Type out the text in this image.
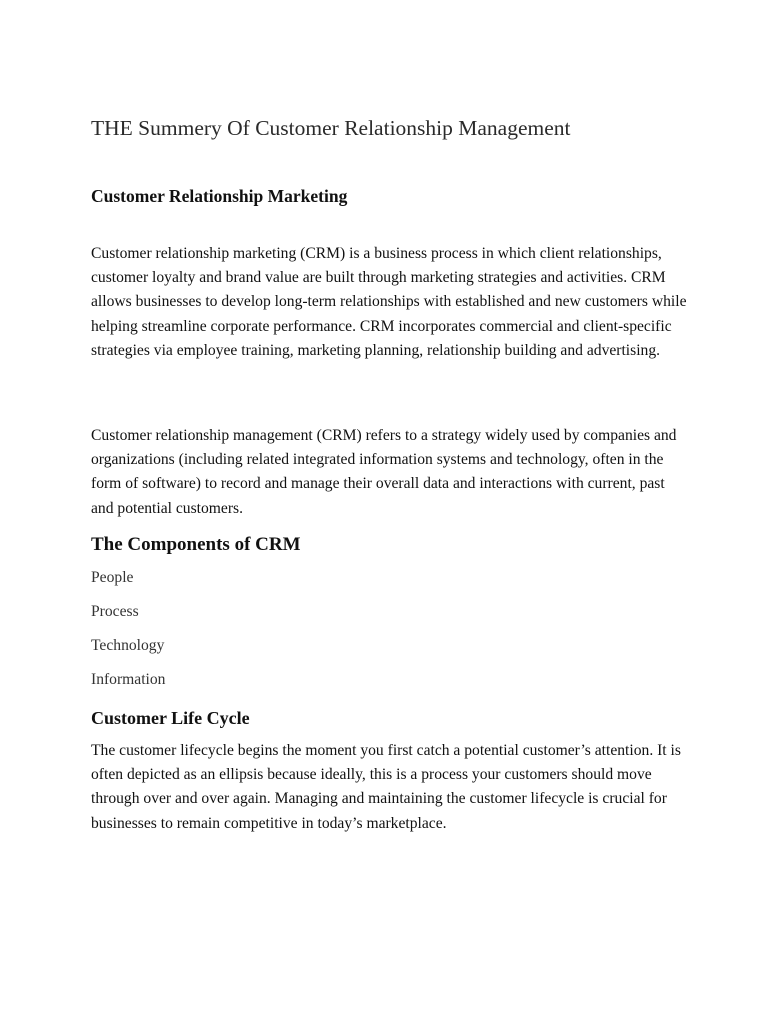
THE Summery Of Customer Relationship Management
Customer Relationship Marketing

Customer relationship marketing (CRM) is a business process in which client relationships, customer loyalty and brand value are built through marketing strategies and activities. CRM allows businesses to develop long-term relationships with established and new customers while helping streamline corporate performance. CRM incorporates commercial and client-specific strategies via employee training, marketing planning, relationship building and advertising.

Customer relationship management (CRM) refers to a strategy widely used by companies and organizations (including related integrated information systems and technology, often in the form of software) to record and manage their overall data and interactions with current, past and potential customers.

The Components of CRM
People
Process
Technology
Information
Customer Life Cycle

The customer lifecycle begins the moment you first catch a potential customer’s attention. It is often depicted as an ellipsis because ideally, this is a process your customers should move through over and over again. Managing and maintaining the customer lifecycle is crucial for businesses to remain competitive in today’s marketplace.
